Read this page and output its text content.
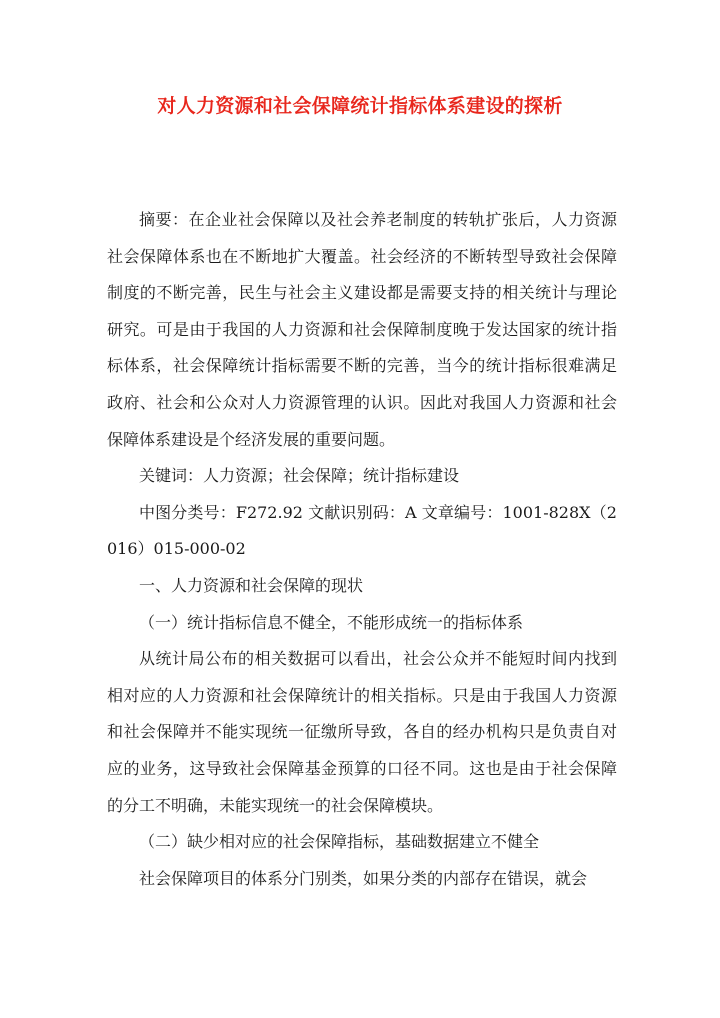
对人力资源和社会保障统计指标体系建设的探析

摘要：在企业社会保障以及社会养老制度的转轨扩张后，人力资源社会保障体系也在不断地扩大覆盖。社会经济的不断转型导致社会保障制度的不断完善，民生与社会主义建设都是需要支持的相关统计与理论研究。可是由于我国的人力资源和社会保障制度晚于发达国家的统计指标体系，社会保障统计指标需要不断的完善，当今的统计指标很难满足政府、社会和公众对人力资源管理的认识。因此对我国人力资源和社会保障体系建设是个经济发展的重要问题。

关键词：人力资源；社会保障；统计指标建设

中图分类号：F272.92 文献识别码：A 文章编号：1001-828X（2016）015-000-02

一、人力资源和社会保障的现状

（一）统计指标信息不健全，不能形成统一的指标体系

从统计局公布的相关数据可以看出，社会公众并不能短时间内找到相对应的人力资源和社会保障统计的相关指标。只是由于我国人力资源和社会保障并不能实现统一征缴所导致，各自的经办机构只是负责自对应的业务，这导致社会保障基金预算的口径不同。这也是由于社会保障的分工不明确，未能实现统一的社会保障模块。

（二）缺少相对应的社会保障指标，基础数据建立不健全

社会保障项目的体系分门别类，如果分类的内部存在错误，就会
